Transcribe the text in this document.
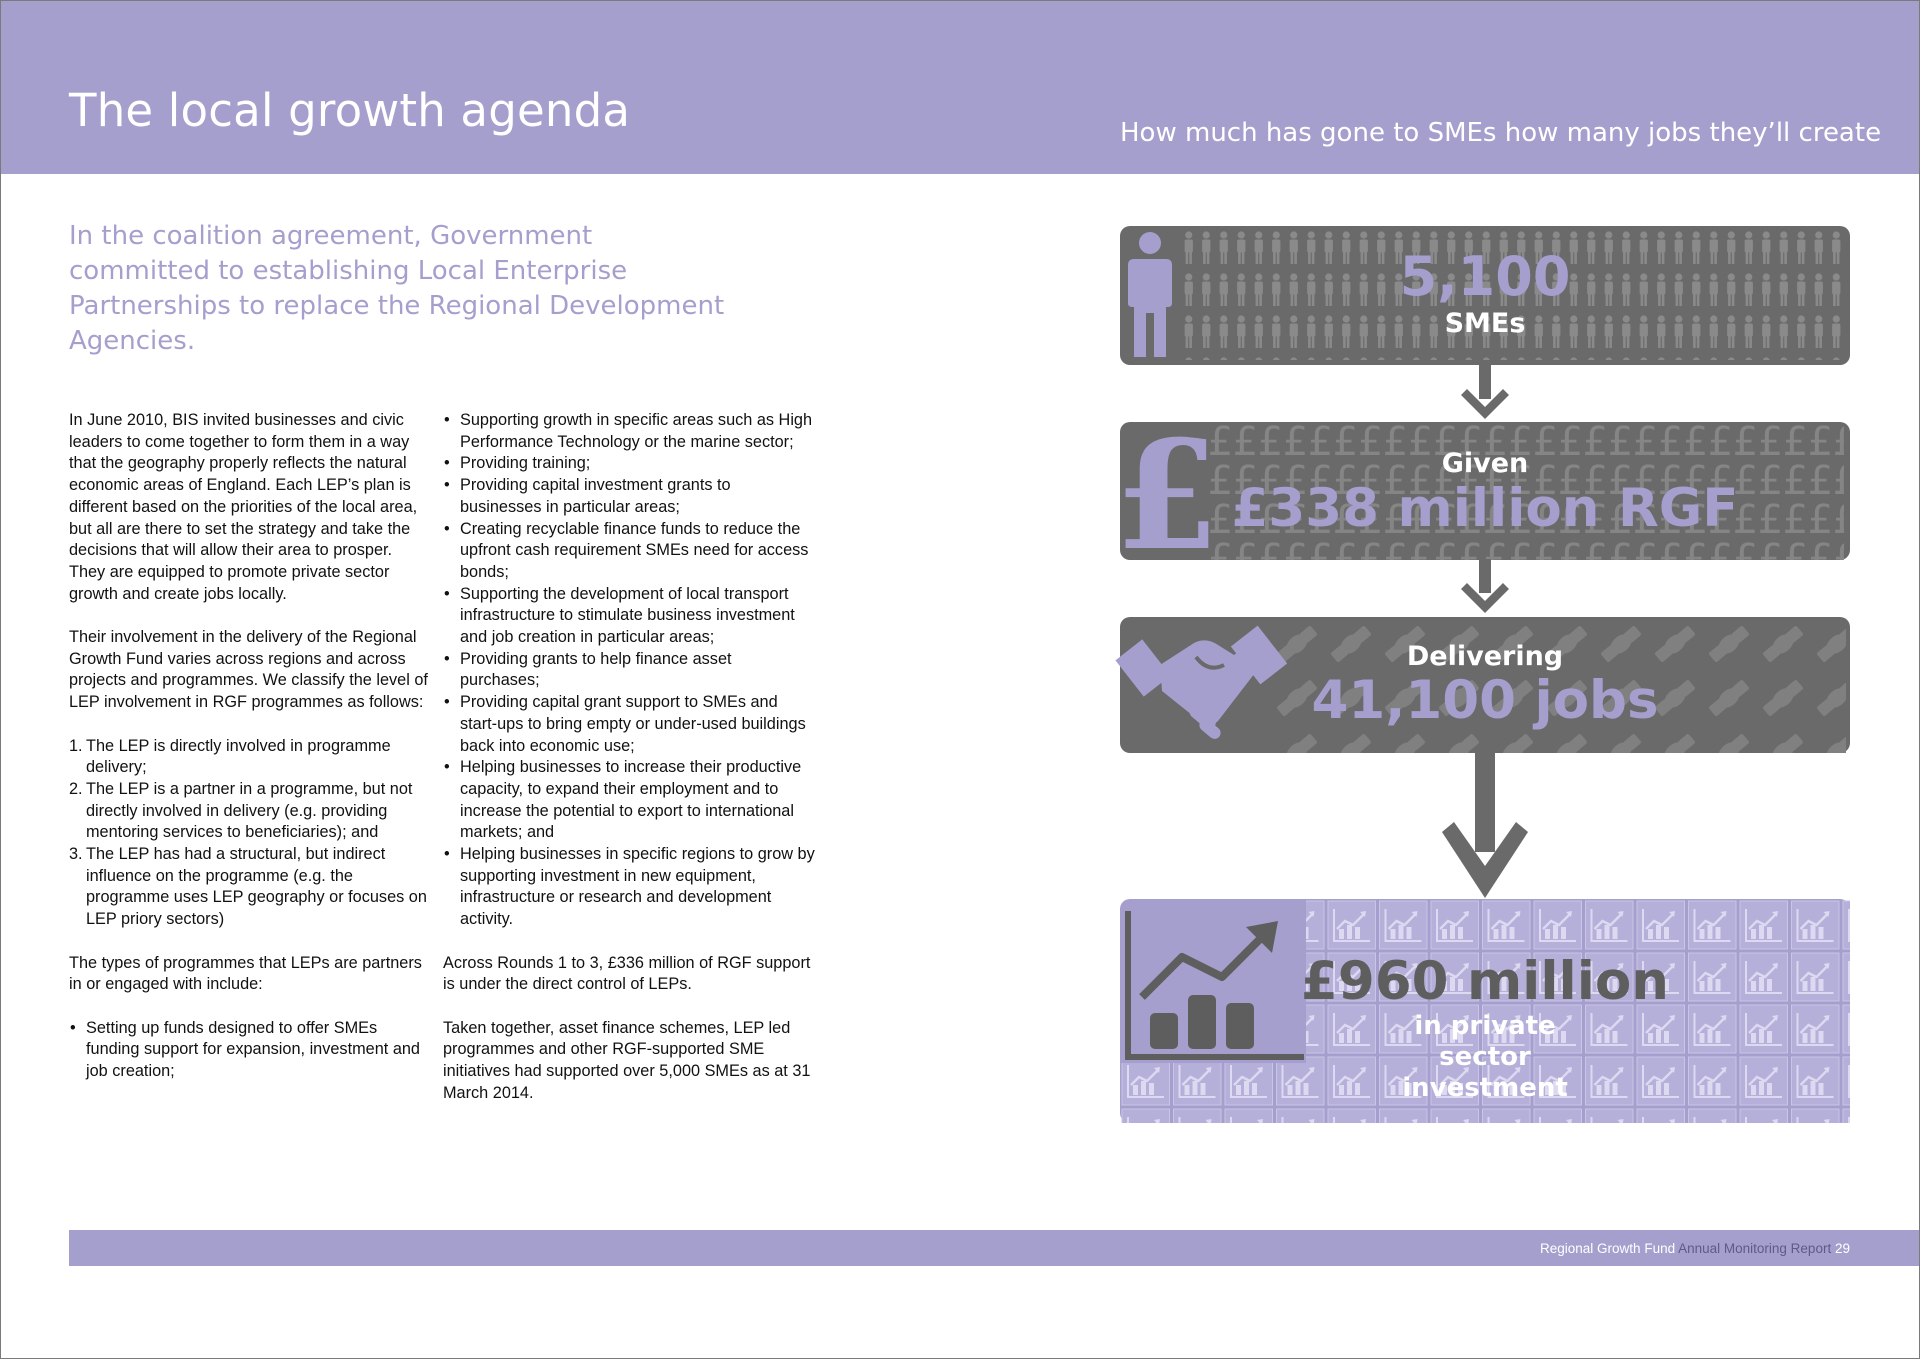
The local growth agenda	How much has gone to SMEs how many jobs they’ll create

In the coalition agreement, Government committed to establishing Local Enterprise Partnerships to replace the Regional Development Agencies.

In June 2010, BIS invited businesses and civic leaders to come together to form them in a way that the geography properly reflects the natural economic areas of England. Each LEP’s plan is different based on the priorities of the local area, but all are there to set the strategy and take the decisions that will allow their area to prosper. They are equipped to promote private sector growth and create jobs locally.

Their involvement in the delivery of the Regional Growth Fund varies across regions and across projects and programmes. We classify the level of LEP involvement in RGF programmes as follows:

1. The LEP is directly involved in programme delivery;
2. The LEP is a partner in a programme, but not directly involved in delivery (e.g. providing mentoring services to beneficiaries); and
3. The LEP has had a structural, but indirect influence on the programme (e.g. the programme uses LEP geography or focuses on LEP priory sectors)

The types of programmes that LEPs are partners in or engaged with include:

• Setting up funds designed to offer SMEs funding support for expansion, investment and job creation;
• Supporting growth in specific areas such as High Performance Technology or the marine sector;
• Providing training;
• Providing capital investment grants to businesses in particular areas;
• Creating recyclable finance funds to reduce the upfront cash requirement SMEs need for access bonds;
• Supporting the development of local transport infrastructure to stimulate business investment and job creation in particular areas;
• Providing grants to help finance asset purchases;
• Providing capital grant support to SMEs and start-ups to bring empty or under-used buildings back into economic use;
• Helping businesses to increase their productive capacity, to expand their employment and to increase the potential to export to international markets; and
• Helping businesses in specific regions to grow by supporting investment in new equipment, infrastructure or research and development activity.

Across Rounds 1 to 3, £336 million of RGF support is under the direct control of LEPs.

Taken together, asset finance schemes, LEP led programmes and other RGF-supported SME initiatives had supported over 5,000 SMEs as at 31 March 2014.

5,100
SMEs
£	Given
£338 million RGF
Delivering
41,100 jobs
£960 million
in private sector investment
Regional Growth Fund Annual Monitoring Report 29
